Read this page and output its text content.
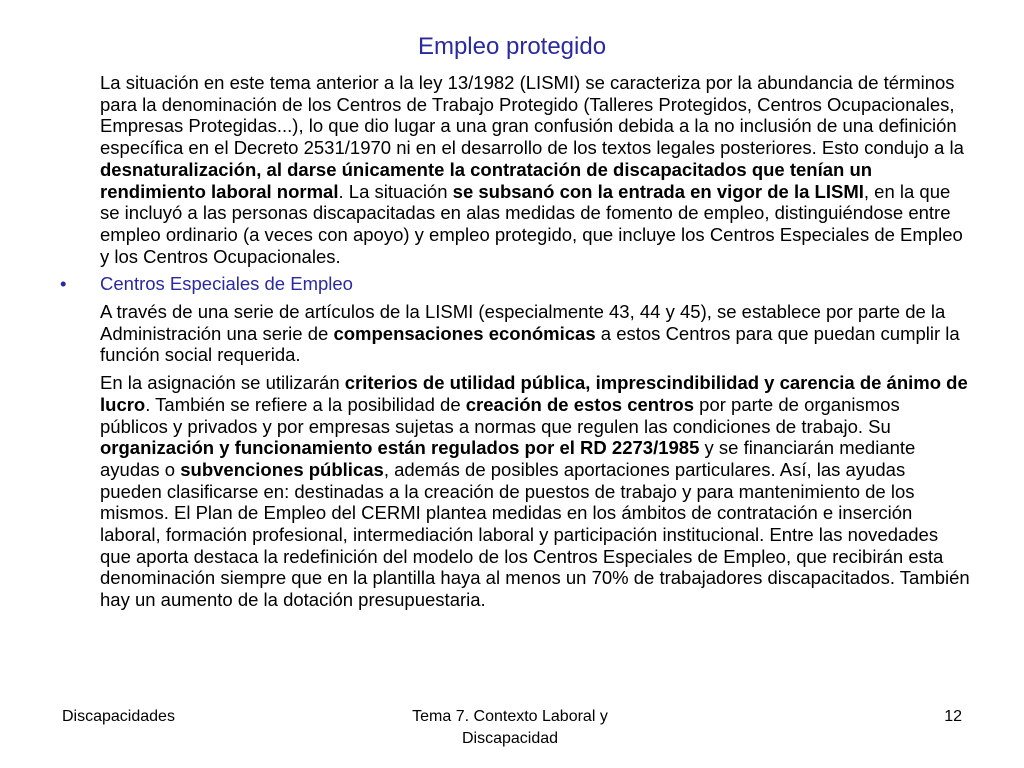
Empleo protegido

La situación en este tema anterior a la ley 13/1982 (LISMI) se caracteriza por la abundancia de términos para la denominación de los Centros de Trabajo Protegido (Talleres Protegidos, Centros Ocupacionales, Empresas Protegidas...), lo que dio lugar a una gran confusión debida a la no inclusión de una definición específica en el Decreto 2531/1970 ni en el desarrollo de los textos legales posteriores. Esto condujo a la desnaturalización, al darse únicamente la contratación de discapacitados que tenían un rendimiento laboral normal. La situación se subsanó con la entrada en vigor de la LISMI, en la que se incluyó a las personas discapacitadas en alas medidas de fomento de empleo, distinguiéndose entre empleo ordinario (a veces con apoyo) y empleo protegido, que incluye los Centros Especiales de Empleo y los Centros Ocupacionales.

•	Centros Especiales de Empleo

A través de una serie de artículos de la LISMI (especialmente 43, 44 y 45), se establece por parte de la Administración una serie de compensaciones económicas a estos Centros para que puedan cumplir la función social requerida.

En la asignación se utilizarán criterios de utilidad pública, imprescindibilidad y carencia de ánimo de lucro. También se refiere a la posibilidad de creación de estos centros por parte de organismos públicos y privados y por empresas sujetas a normas que regulen las condiciones de trabajo. Su organización y funcionamiento están regulados por el RD 2273/1985 y se financiarán mediante ayudas o subvenciones públicas, además de posibles aportaciones particulares. Así, las ayudas pueden clasificarse en: destinadas a la creación de puestos de trabajo y para mantenimiento de los mismos. El Plan de Empleo del CERMI plantea medidas en los ámbitos de contratación e inserción laboral, formación profesional, intermediación laboral y participación institucional. Entre las novedades que aporta destaca la redefinición del modelo de los Centros Especiales de Empleo, que recibirán esta denominación siempre que en la plantilla haya al menos un 70% de trabajadores discapacitados. También hay un aumento de la dotación presupuestaria.

Discapacidades	Tema 7. Contexto Laboral y
Discapacidad
12
